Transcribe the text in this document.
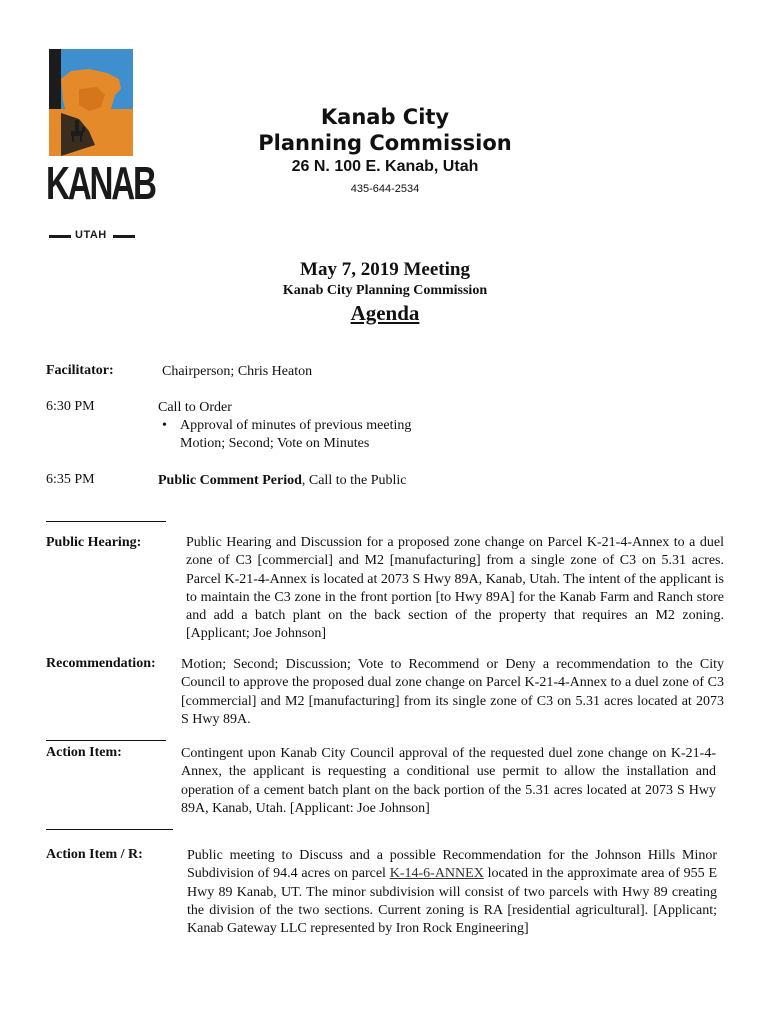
KANAB
UTAH
Kanab City
Planning Commission
26 N. 100 E. Kanab, Utah
435-644-2534
May 7, 2019 Meeting
Kanab City Planning Commission
Agenda
Facilitator:	Chairperson; Chris Heaton
6:30 PM	Call to Order
• Approval of minutes of previous meeting
Motion; Second; Vote on Minutes
6:35 PM	Public Comment Period, Call to the Public
Public Hearing:	Public Hearing and Discussion for a proposed zone change on Parcel K-21-4-Annex to a duel zone of C3 [commercial] and M2 [manufacturing] from a single zone of C3 on 5.31 acres. Parcel K-21-4-Annex is located at 2073 S Hwy 89A, Kanab, Utah. The intent of the applicant is to maintain the C3 zone in the front portion [to Hwy 89A] for the Kanab Farm and Ranch store and add a batch plant on the back section of the property that requires an M2 zoning. [Applicant; Joe Johnson]
Recommendation: Motion; Second; Discussion; Vote to Recommend or Deny a recommendation to the City Council to approve the proposed dual zone change on Parcel K-21-4-Annex to a duel zone of C3 [commercial] and M2 [manufacturing] from its single zone of C3 on 5.31 acres located at 2073 S Hwy 89A.
Action Item:	Contingent upon Kanab City Council approval of the requested duel zone change on K-21-4-Annex, the applicant is requesting a conditional use permit to allow the installation and operation of a cement batch plant on the back portion of the 5.31 acres located at 2073 S Hwy 89A, Kanab, Utah. [Applicant: Joe Johnson]
Action Item / R:	Public meeting to Discuss and a possible Recommendation for the Johnson Hills Minor Subdivision of 94.4 acres on parcel K-14-6-ANNEX located in the approximate area of 955 E Hwy 89 Kanab, UT. The minor subdivision will consist of two parcels with Hwy 89 creating the division of the two sections. Current zoning is RA [residential agricultural]. [Applicant; Kanab Gateway LLC represented by Iron Rock Engineering]
